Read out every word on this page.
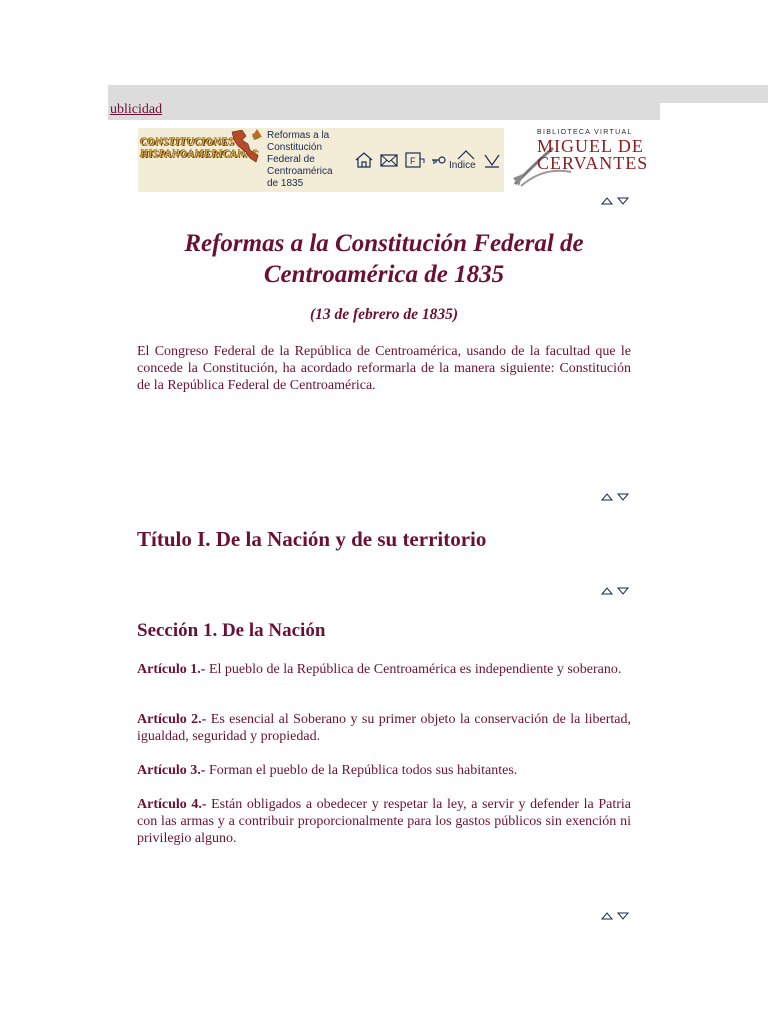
ublicidad
CONSTITUCIONES
HISPANOAMERICANAS
Reformas a la
Constitución
Federal de
Centroamérica
de 1835
F	Indice
BIBLIOTECA VIRTUAL
MIGUEL DE
CERVANTES
Reformas a la Constitución Federal de Centroamérica de 1835
(13 de febrero de 1835)
El Congreso Federal de la República de Centroamérica, usando de la facultad que le concede la Constitución, ha acordado reformarla de la manera siguiente: Constitución de la República Federal de Centroamérica.
Título I. De la Nación y de su territorio
Sección 1. De la Nación
Artículo 1.- El pueblo de la República de Centroamérica es independiente y soberano.
Artículo 2.- Es esencial al Soberano y su primer objeto la conservación de la libertad, igualdad, seguridad y propiedad.
Artículo 3.- Forman el pueblo de la República todos sus habitantes.
Artículo 4.- Están obligados a obedecer y respetar la ley, a servir y defender la Patria con las armas y a contribuir proporcionalmente para los gastos públicos sin exención ni privilegio alguno.
